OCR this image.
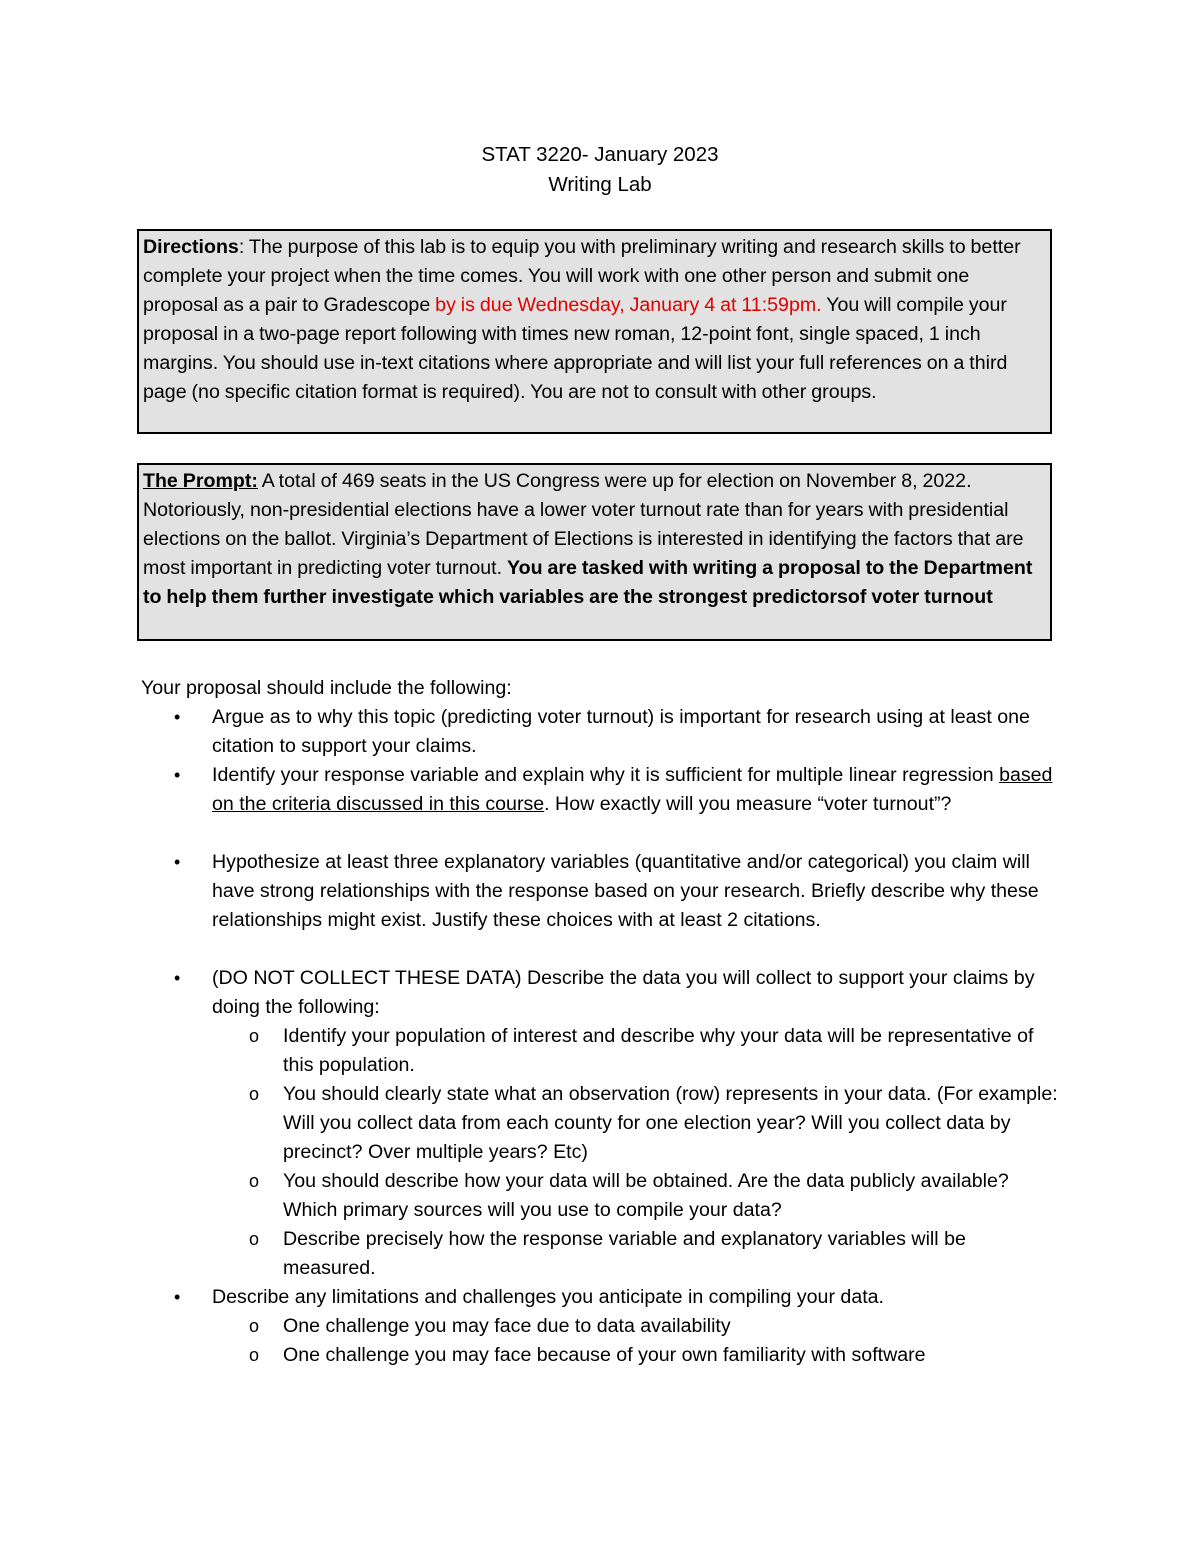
STAT 3220- January 2023
Writing Lab
Directions: The purpose of this lab is to equip you with preliminary writing and research skills to better complete your project when the time comes. You will work with one other person and submit one proposal as a pair to Gradescope by is due Wednesday, January 4 at 11:59pm. You will compile your proposal in a two-page report following with times new roman, 12-point font, single spaced, 1 inch margins. You should use in-text citations where appropriate and will list your full references on a third page (no specific citation format is required). You are not to consult with other groups.
The Prompt: A total of 469 seats in the US Congress were up for election on November 8, 2022. Notoriously, non-presidential elections have a lower voter turnout rate than for years with presidential elections on the ballot. Virginia’s Department of Elections is interested in identifying the factors that are most important in predicting voter turnout. You are tasked with writing a proposal to the Department to help them further investigate which variables are the strongest predictorsof voter turnout
Your proposal should include the following:
• Argue as to why this topic (predicting voter turnout) is important for research using at least one citation to support your claims.
• Identify your response variable and explain why it is sufficient for multiple linear regression based on the criteria discussed in this course. How exactly will you measure “voter turnout”?
• Hypothesize at least three explanatory variables (quantitative and/or categorical) you claim will have strong relationships with the response based on your research. Briefly describe why these relationships might exist. Justify these choices with at least 2 citations.
• (DO NOT COLLECT THESE DATA) Describe the data you will collect to support your claims by doing the following:
o Identify your population of interest and describe why your data will be representative of this population.
o You should clearly state what an observation (row) represents in your data. (For example: Will you collect data from each county for one election year? Will you collect data by precinct? Over multiple years? Etc)
o You should describe how your data will be obtained. Are the data publicly available? Which primary sources will you use to compile your data?
o Describe precisely how the response variable and explanatory variables will be measured.
• Describe any limitations and challenges you anticipate in compiling your data.
o One challenge you may face due to data availability
o One challenge you may face because of your own familiarity with software
